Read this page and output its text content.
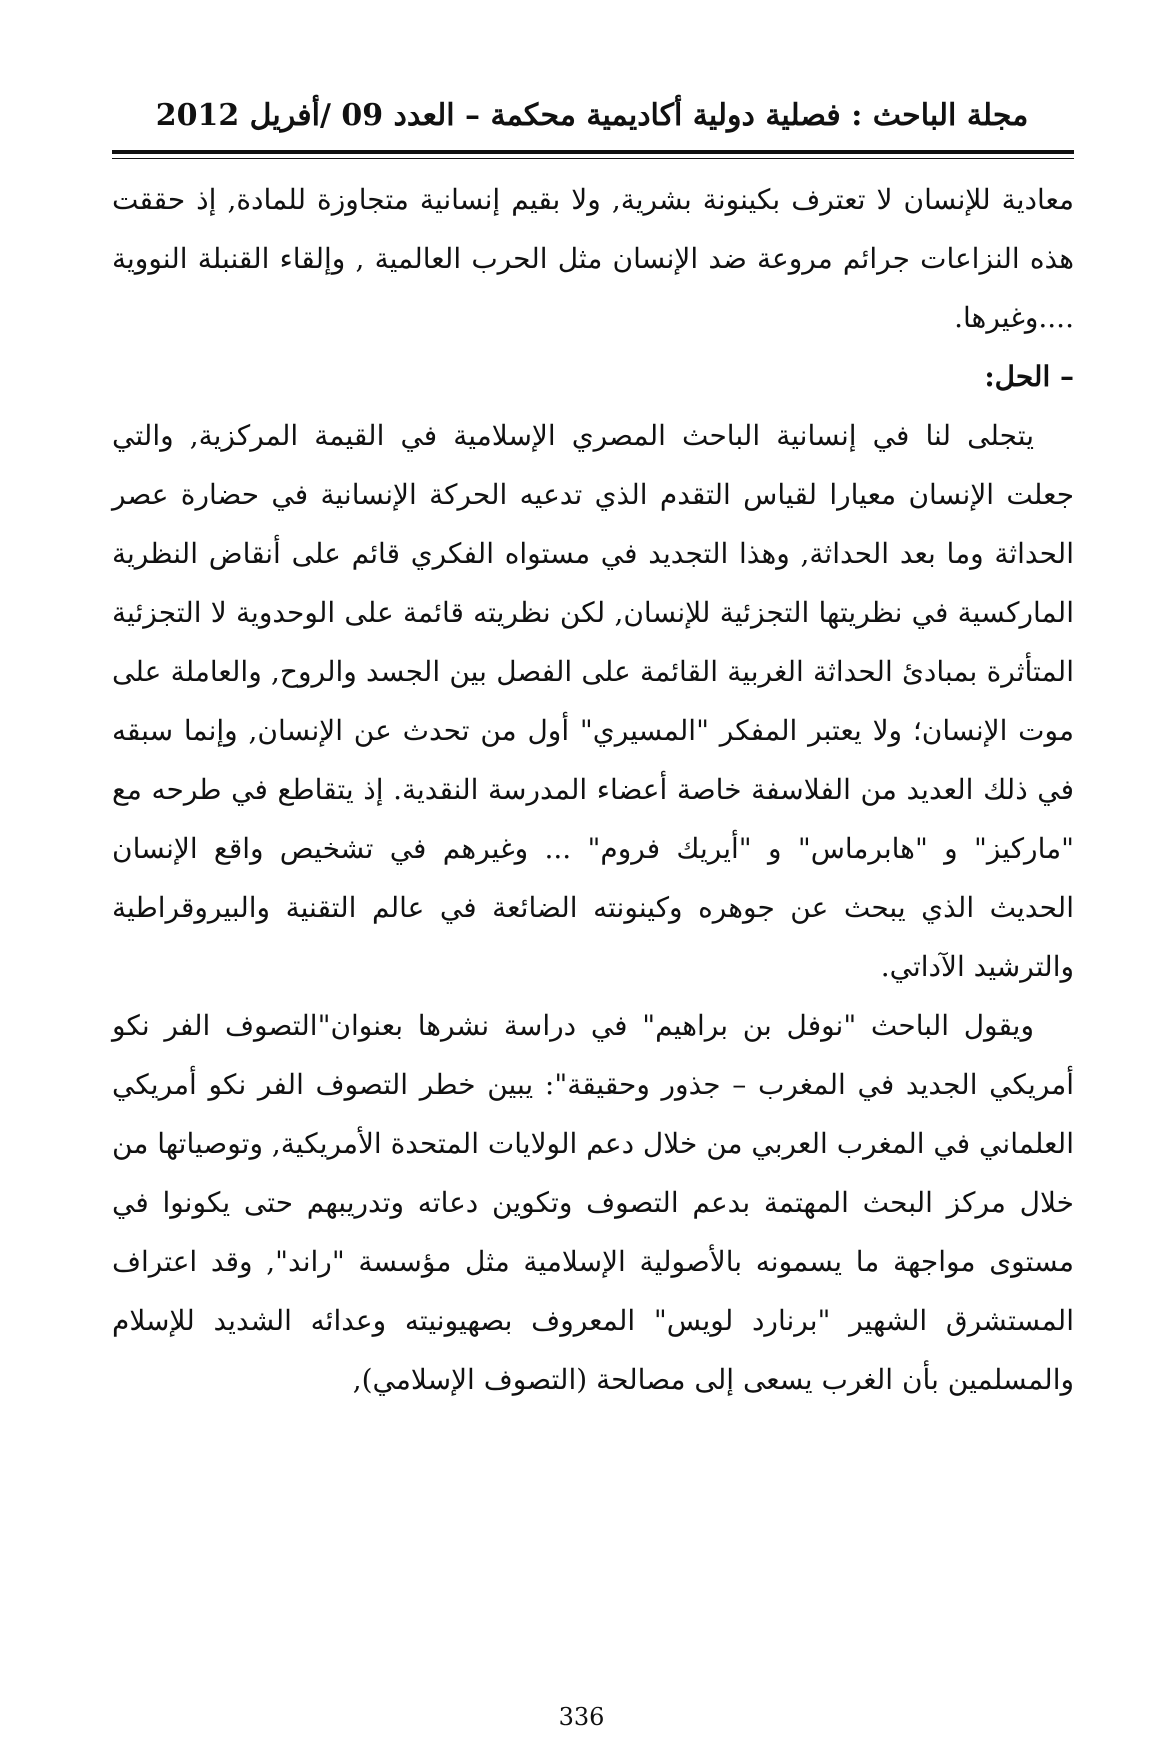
مجلة الباحث : فصلية دولية أكاديمية محكمة – العدد 09 /أفريل 2012

معادية للإنسان لا تعترف بكينونة بشرية, ولا بقيم إنسانية متجاوزة للمادة, إذ حققت هذه النزاعات جرائم مروعة ضد الإنسان مثل الحرب العالمية , وإلقاء القنبلة النووية ....وغيرها.

– الحل:

يتجلى لنا في إنسانية الباحث المصري الإسلامية في القيمة المركزية, والتي جعلت الإنسان معيارا لقياس التقدم الذي تدعيه الحركة الإنسانية في حضارة عصر الحداثة وما بعد الحداثة, وهذا التجديد في مستواه الفكري قائم على أنقاض النظرية الماركسية في نظريتها التجزئية للإنسان, لكن نظريته قائمة على الوحدوية لا التجزئية المتأثرة بمبادئ الحداثة الغربية القائمة على الفصل بين الجسد والروح, والعاملة على موت الإنسان؛ ولا يعتبر المفكر "المسيري" أول من تحدث عن الإنسان, وإنما سبقه في ذلك العديد من الفلاسفة خاصة أعضاء المدرسة النقدية. إذ يتقاطع في طرحه مع "ماركيز" و "هابرماس" و "أيريك فروم" ... وغيرهم في تشخيص واقع الإنسان الحديث الذي يبحث عن جوهره وكينونته الضائعة في عالم التقنية والبيروقراطية والترشيد الآداتي.

ويقول الباحث "نوفل بن براهيم" في دراسة نشرها بعنوان"التصوف الفر نكو أمريكي الجديد في المغرب – جذور وحقيقة": يبين خطر التصوف الفر نكو أمريكي العلماني في المغرب العربي من خلال دعم الولايات المتحدة الأمريكية, وتوصياتها من خلال مركز البحث المهتمة بدعم التصوف وتكوين دعاته وتدريبهم حتى يكونوا في مستوى مواجهة ما يسمونه بالأصولية الإسلامية مثل مؤسسة "راند", وقد اعتراف المستشرق الشهير "برنارد لويس" المعروف بصهيونيته وعدائه الشديد للإسلام والمسلمين بأن الغرب يسعى إلى مصالحة (التصوف الإسلامي),

336
